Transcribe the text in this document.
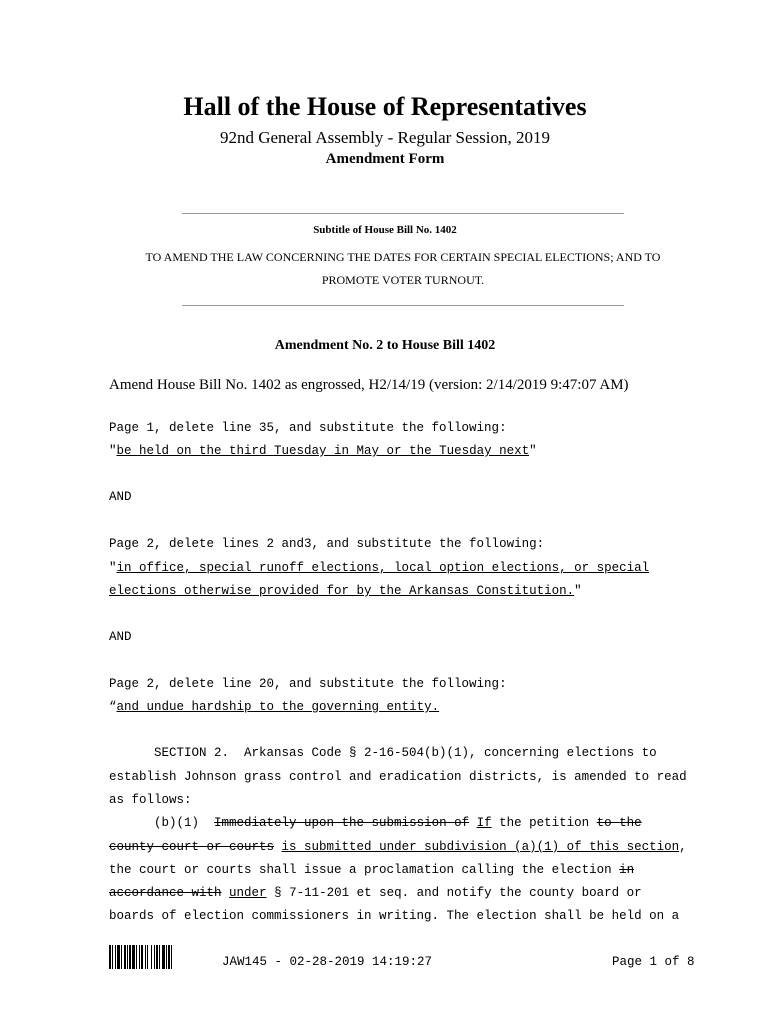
Hall of the House of Representatives
92nd General Assembly - Regular Session, 2019
Amendment Form
Subtitle of House Bill No. 1402
TO AMEND THE LAW CONCERNING THE DATES FOR CERTAIN SPECIAL ELECTIONS; AND TO
PROMOTE VOTER TURNOUT.
Amendment No. 2 to House Bill 1402
Amend House Bill No. 1402 as engrossed, H2/14/19 (version: 2/14/2019 9:47:07 AM)
Page 1, delete line 35, and substitute the following:
"be held on the third Tuesday in May or the Tuesday next"
AND
Page 2, delete lines 2 and3, and substitute the following:
"in office, special runoff elections, local option elections, or special
elections otherwise provided for by the Arkansas Constitution."
AND
Page 2, delete line 20, and substitute the following:
“and undue hardship to the governing entity.
SECTION 2.  Arkansas Code § 2-16-504(b)(1), concerning elections to
establish Johnson grass control and eradication districts, is amended to read
as follows:
(b)(1)  Immediately upon the submission of If the petition to the
county court or courts is submitted under subdivision (a)(1) of this section,
the court or courts shall issue a proclamation calling the election in
accordance with under § 7-11-201 et seq. and notify the county board or
boards of election commissioners in writing. The election shall be held on a
JAW145 - 02-28-2019 14:19:27	Page 1 of 8
